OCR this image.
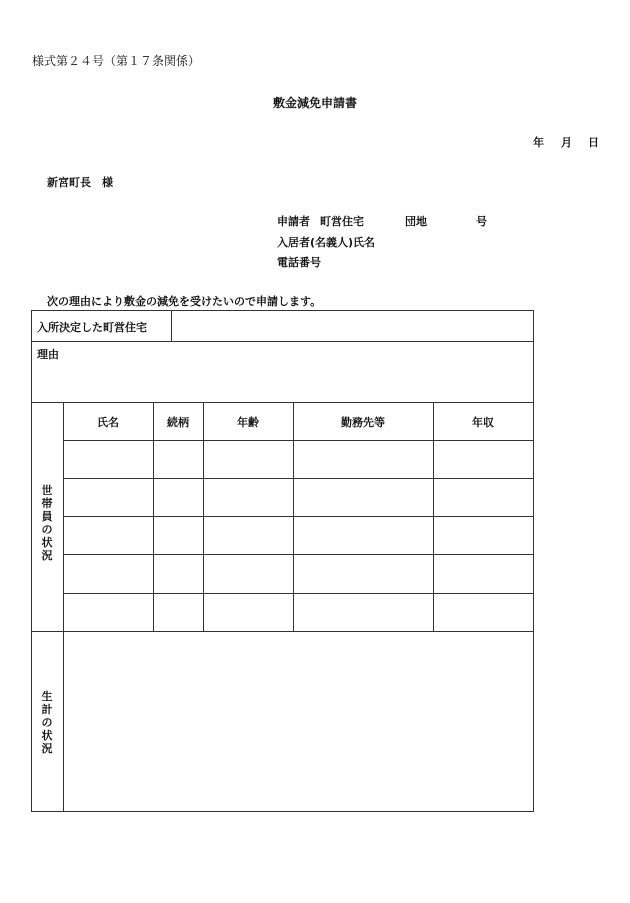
様式第２４号（第１７条関係）
敷金減免申請書
年 月 日
新宮町長　様
申請者 町営住宅	団地	号
入居者(名義人)氏名
電話番号
次の理由により敷金の減免を受けたいので申請します。
入所決定した町営住宅
理由
世帯員の状況
氏名	続柄	年齢	勤務先等	年収
生計の状況
